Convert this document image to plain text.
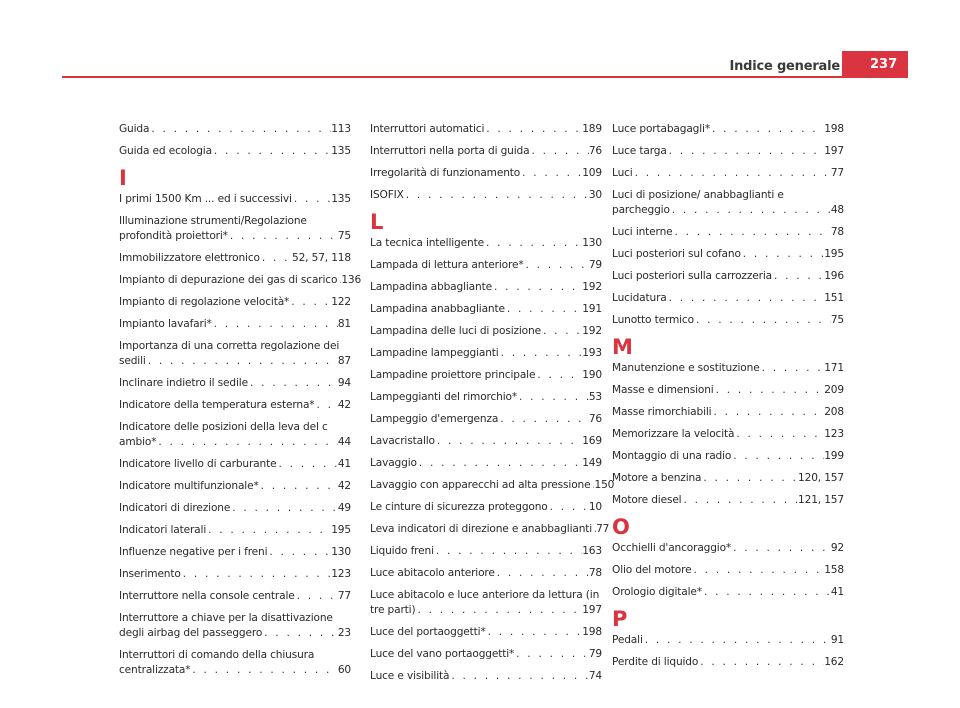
Indice generale	237
Guida . . .	113
Guida ed ecologia . . .	135
I
I primi 1500 Km ... ed i successivi . . .	135
Illuminazione strumenti/Regolazione
profondità proiettori* . . .	75
Immobilizzatore elettronico . . .	52, 57, 118
Impianto di depurazione dei gas di scarico . . . 136
Impianto di regolazione velocità* . . .	122
Impianto lavafari* . . .	81
Importanza di una corretta regolazione dei
sedili . . .	87
Inclinare indietro il sedile . . .	94
Indicatore della temperatura esterna* . . . 42
Indicatore delle posizioni della leva del c
ambio* . . .	44
Indicatore livello di carburante . . .	41
Indicatore multifunzionale* . . .	42
Indicatori di direzione . . .	49
Indicatori laterali . . .	195
Influenze negative per i freni . . .	130
Inserimento . . .	123
Interruttore nella console centrale . . .	77
Interruttore a chiave per la disattivazione
degli airbag del passeggero . . .	23
Interruttori di comando della chiusura
centralizzata* . . .	60
Interruttori automatici . . .	189
Interruttori nella porta di guida . . .	76
Irregolarità di funzionamento . . .	109
ISOFIX . . .	30
L
La tecnica intelligente . . .	130
Lampada di lettura anteriore* . . .	79
Lampadina abbagliante . . .	192
Lampadina anabbagliante . . .	191
Lampadina delle luci di posizione . . .	192
Lampadine lampeggianti . . .	193
Lampadine proiettore principale . . .	190
Lampeggianti del rimorchio* . . .	53
Lampeggio d'emergenza . . .	76
Lavacristallo . . .	169
Lavaggio . . .	149
Lavaggio con apparecchi ad alta pressione . . . 150
Le cinture di sicurezza proteggono . . .	10
Leva indicatori di direzione e anabbaglianti . . . 77
Liquido freni . . .	163
Luce abitacolo anteriore . . .	78
Luce abitacolo e luce anteriore da lettura (in
tre parti) . . .	197
Luce del portaoggetti* . . .	198
Luce del vano portaoggetti* . . .	79
Luce e visibilità . . .	74
Luce portabagagli* . . .	198
Luce targa . . .	197
Luci . . .	77
Luci di posizione/ anabbaglianti e
parcheggio . . .	48
Luci interne . . .	78
Luci posteriori sul cofano . . .	195
Luci posteriori sulla carrozzeria . . .	196
Lucidatura . . .	151
Lunotto termico . . .	75
M
Manutenzione e sostituzione . . .	171
Masse e dimensioni . . .	209
Masse rimorchiabili . . .	208
Memorizzare la velocità . . .	123
Montaggio di una radio . . .	199
Motore a benzina . . .	120, 157
Motore diesel . . .	121, 157
O
Occhielli d'ancoraggio* . . .	92
Olio del motore . . .	158
Orologio digitale* . . .	41
P
Pedali . . .	91
Perdite di liquido . . .	162
